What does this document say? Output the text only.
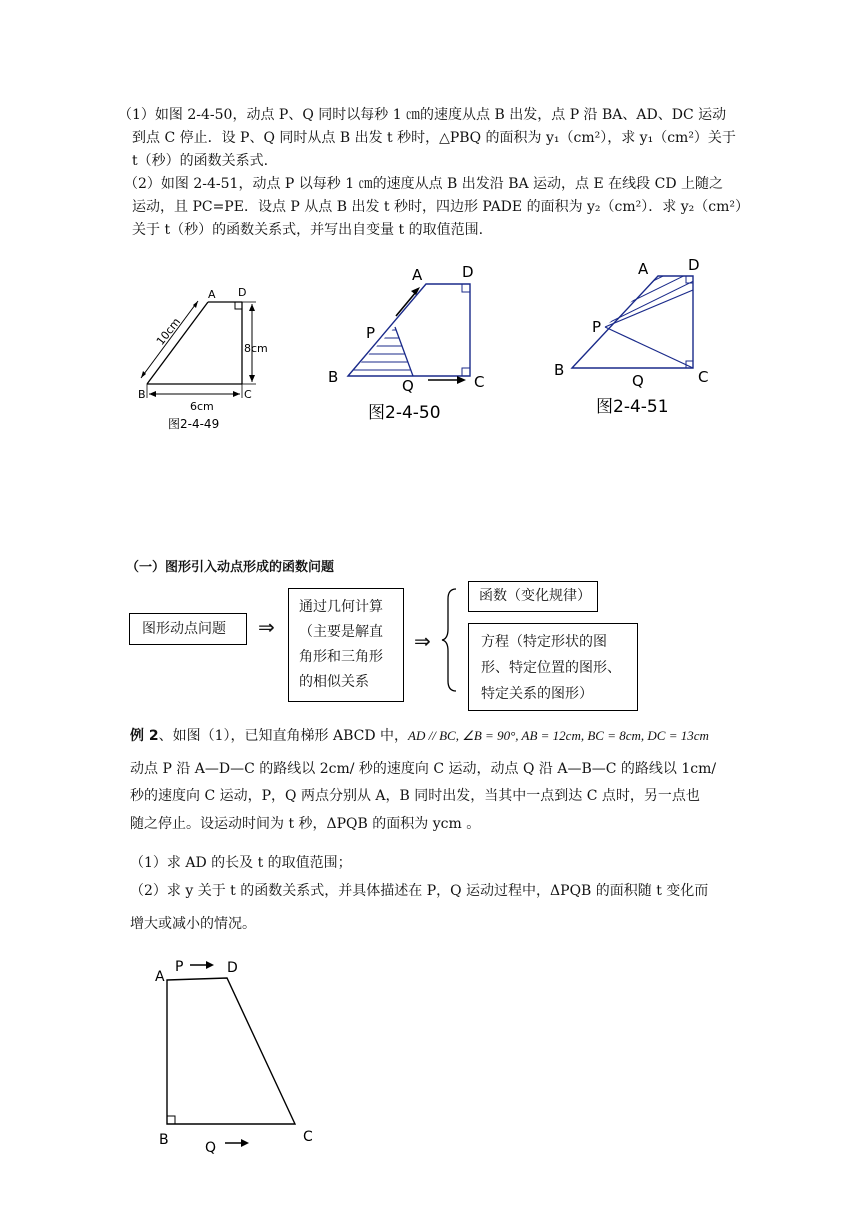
（1）如图 2-4-50，动点 P、Q 同时以每秒 1 ㎝的速度从点 B 出发，点 P 沿 BA、AD、DC 运动
到点 C 停止．设 P、Q 同时从点 B 出发 t 秒时，△PBQ 的面积为 y₁（cm²），求 y₁（cm²）关于
t（秒）的函数关系式.
（2）如图 2-4-51，动点 P 以每秒 1 ㎝的速度从点 B 出发沿 BA 运动，点 E 在线段 CD 上随之
运动，且 PC=PE．设点 P 从点 B 出发 t 秒时，四边形 PADE 的面积为 y₂（cm²）．求 y₂（cm²）
关于 t（秒）的函数关系式，并写出自变量 t 的取值范围.
A D
B	C
10cm
8cm
6cm
图2-4-49
A	D
P
B	Q	C
图2-4-50
A	D
P
B
Q	C
图2-4-51
（一）图形引入动点形成的函数问题
图形动点问题	⇒
通过几何计算
（主要是解直
角形和三角形
的相似关系
⇒
函数（变化规律）
方程（特定形状的图
形、特定位置的图形、
特定关系的图形）
例 2、如图（1），已知直角梯形 ABCD 中，AD // BC, ∠B = 90°, AB = 12cm, BC = 8cm, DC = 13cm
动点 P 沿 A—D—C 的路线以 2cm/ 秒的速度向 C 运动，动点 Q 沿 A—B—C 的路线以 1cm/
秒的速度向 C 运动，P，Q 两点分别从 A，B 同时出发，当其中一点到达 C 点时，另一点也
随之停止。设运动时间为 t 秒，ΔPQB 的面积为 ycm 。
（1）求 AD 的长及 t 的取值范围；
（2）求 y 关于 t 的函数关系式，并具体描述在 P，Q 运动过程中，ΔPQB 的面积随 t 变化而
增大或减小的情况。
A
P	D
B	Q
C
